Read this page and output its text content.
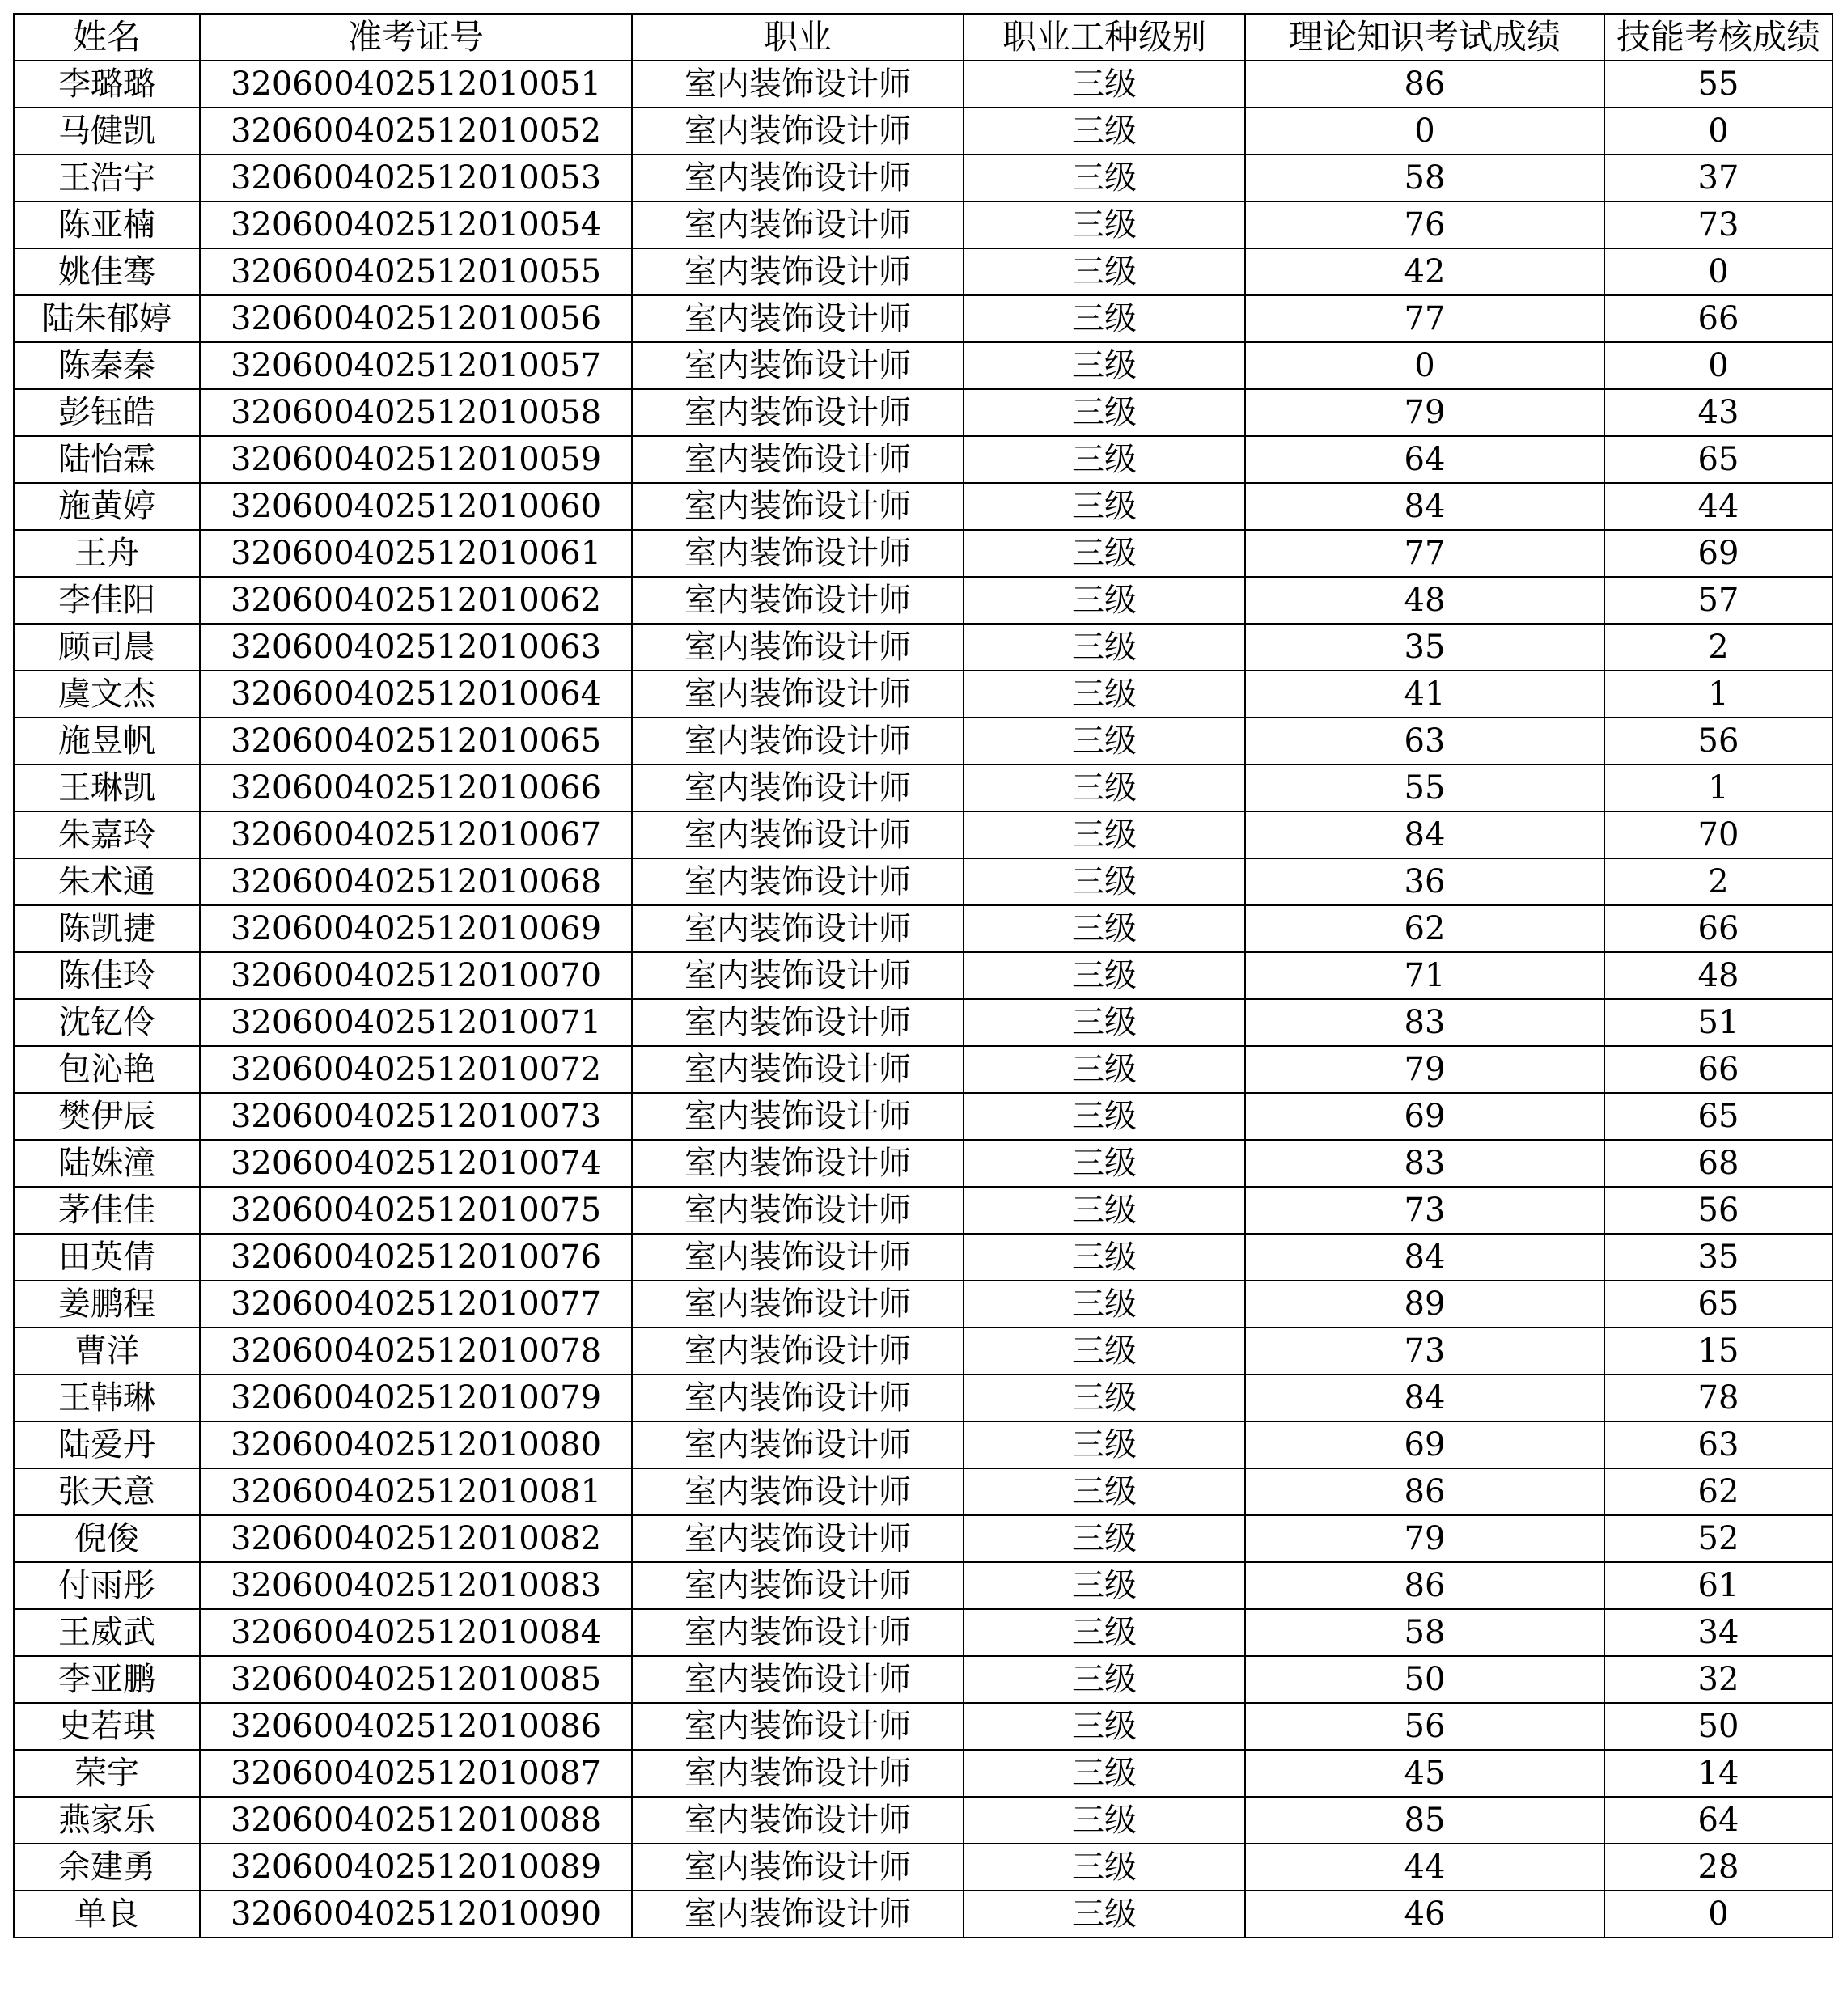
姓名	准考证号	职业	职业工种级别	理论知识考试成绩	技能考核成绩
李璐璐	320600402512010051	室内装饰设计师	三级	86	55
马健凯	320600402512010052	室内装饰设计师	三级	0	0
王浩宇	320600402512010053	室内装饰设计师	三级	58	37
陈亚楠	320600402512010054	室内装饰设计师	三级	76	73
姚佳骞	320600402512010055	室内装饰设计师	三级	42	0
陆朱郁婷	320600402512010056	室内装饰设计师	三级	77	66
陈秦秦	320600402512010057	室内装饰设计师	三级	0	0
彭钰皓	320600402512010058	室内装饰设计师	三级	79	43
陆怡霖	320600402512010059	室内装饰设计师	三级	64	65
施黄婷	320600402512010060	室内装饰设计师	三级	84	44
王舟	320600402512010061	室内装饰设计师	三级	77	69
李佳阳	320600402512010062	室内装饰设计师	三级	48	57
顾司晨	320600402512010063	室内装饰设计师	三级	35	2
虞文杰	320600402512010064	室内装饰设计师	三级	41	1
施昱帆	320600402512010065	室内装饰设计师	三级	63	56
王琳凯	320600402512010066	室内装饰设计师	三级	55	1
朱嘉玲	320600402512010067	室内装饰设计师	三级	84	70
朱术通	320600402512010068	室内装饰设计师	三级	36	2
陈凯捷	320600402512010069	室内装饰设计师	三级	62	66
陈佳玲	320600402512010070	室内装饰设计师	三级	71	48
沈钇伶	320600402512010071	室内装饰设计师	三级	83	51
包沁艳	320600402512010072	室内装饰设计师	三级	79	66
樊伊辰	320600402512010073	室内装饰设计师	三级	69	65
陆姝潼	320600402512010074	室内装饰设计师	三级	83	68
茅佳佳	320600402512010075	室内装饰设计师	三级	73	56
田英倩	320600402512010076	室内装饰设计师	三级	84	35
姜鹏程	320600402512010077	室内装饰设计师	三级	89	65
曹洋	320600402512010078	室内装饰设计师	三级	73	15
王韩琳	320600402512010079	室内装饰设计师	三级	84	78
陆爱丹	320600402512010080	室内装饰设计师	三级	69	63
张天意	320600402512010081	室内装饰设计师	三级	86	62
倪俊	320600402512010082	室内装饰设计师	三级	79	52
付雨彤	320600402512010083	室内装饰设计师	三级	86	61
王威武	320600402512010084	室内装饰设计师	三级	58	34
李亚鹏	320600402512010085	室内装饰设计师	三级	50	32
史若琪	320600402512010086	室内装饰设计师	三级	56	50
荣宇	320600402512010087	室内装饰设计师	三级	45	14
燕家乐	320600402512010088	室内装饰设计师	三级	85	64
余建勇	320600402512010089	室内装饰设计师	三级	44	28
单良	320600402512010090	室内装饰设计师	三级	46	0
